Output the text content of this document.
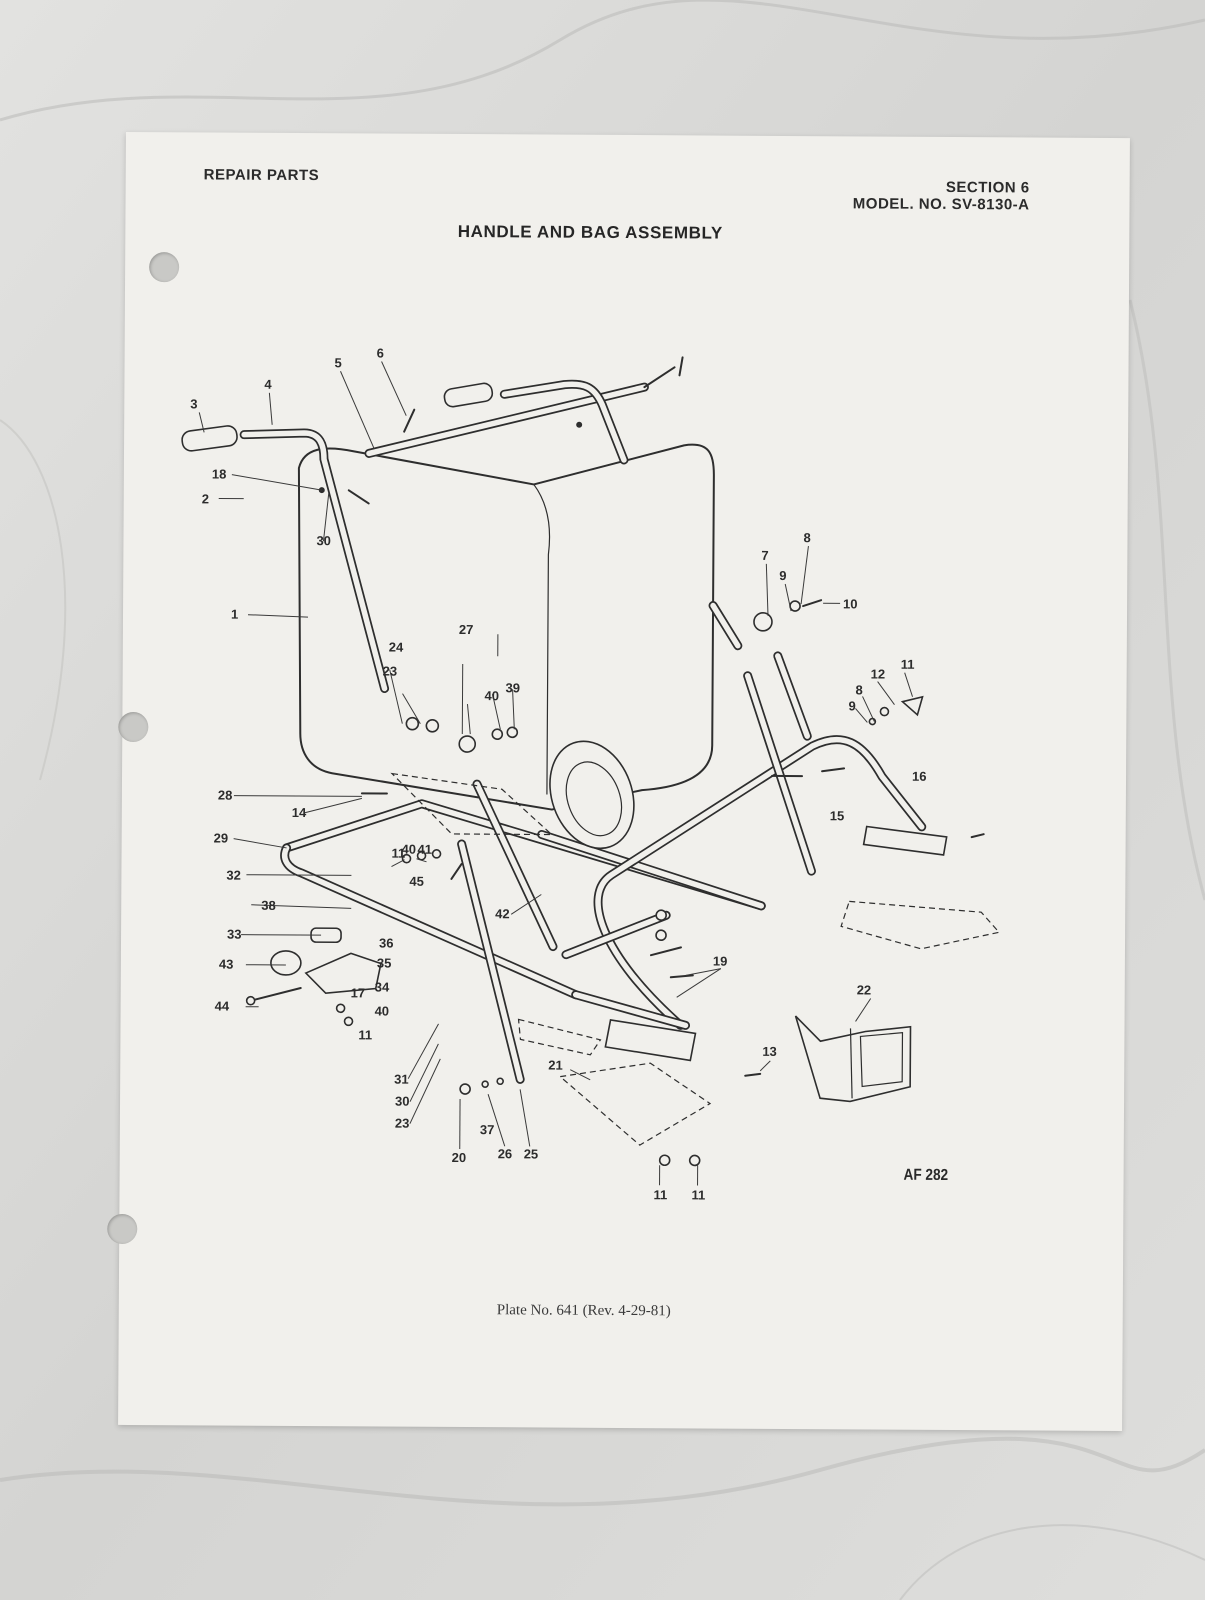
REPAIR PARTS
SECTION 6
MODEL. NO. SV-8130-A
HANDLE AND BAG ASSEMBLY
1
2
3
4
5
6
7
8
9
10
11
12
8
9
13
14	15
16
17
18
19
20
21
22
23
24
25
26
27
28
29
30
31
32
33
34
35
36
37
38
39
40
41
42
43
44
45
30
23
11
40
40
11
11 11
AF 282
Plate No. 641 (Rev. 4-29-81)
